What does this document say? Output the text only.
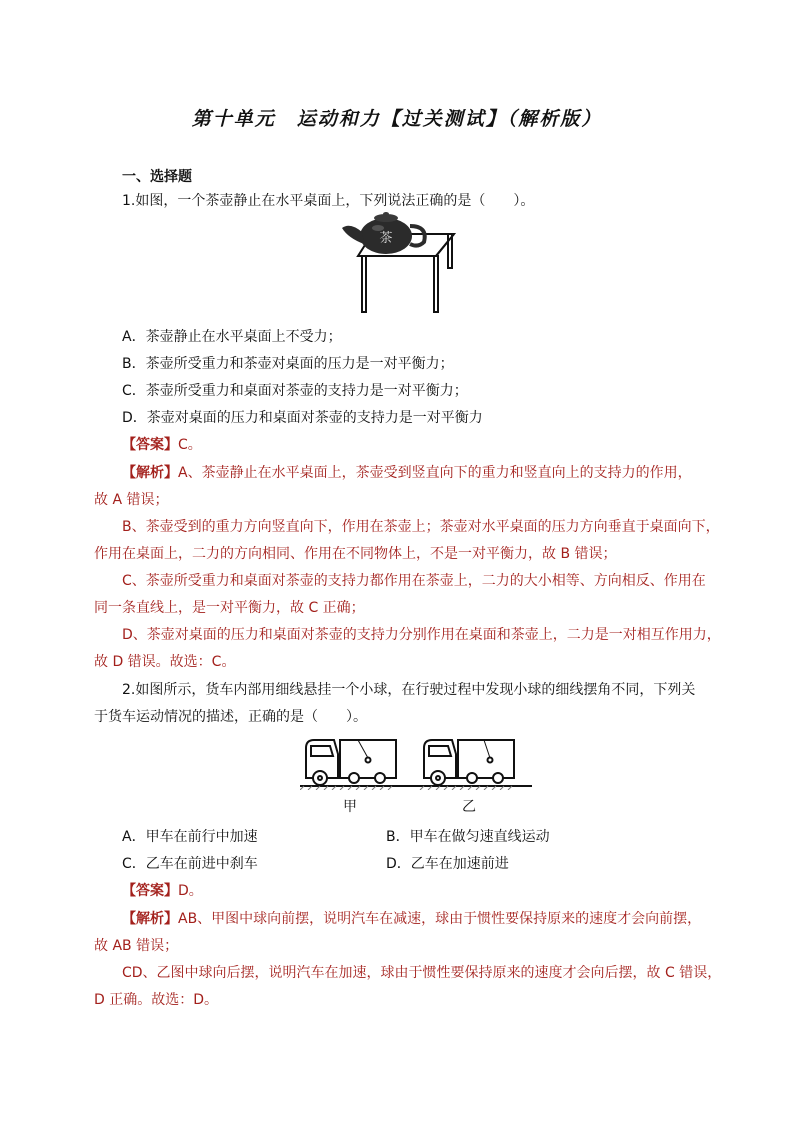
第十单元　运动和力【过关测试】（解析版）
一、选择题
1.如图，一个茶壶静止在水平桌面上，下列说法正确的是（　　）。
茶
A．茶壶静止在水平桌面上不受力；
B．茶壶所受重力和茶壶对桌面的压力是一对平衡力；
C．茶壶所受重力和桌面对茶壶的支持力是一对平衡力；
D．茶壶对桌面的压力和桌面对茶壶的支持力是一对平衡力
【答案】C。
【解析】A、茶壶静止在水平桌面上，茶壶受到竖直向下的重力和竖直向上的支持力的作用，
故 A 错误；
B、茶壶受到的重力方向竖直向下，作用在茶壶上；茶壶对水平桌面的压力方向垂直于桌面向下，
作用在桌面上，二力的方向相同、作用在不同物体上，不是一对平衡力，故 B 错误；
C、茶壶所受重力和桌面对茶壶的支持力都作用在茶壶上，二力的大小相等、方向相反、作用在
同一条直线上，是一对平衡力，故 C 正确；
D、茶壶对桌面的压力和桌面对茶壶的支持力分别作用在桌面和茶壶上，二力是一对相互作用力，
故 D 错误。故选：C。
2.如图所示，货车内部用细线悬挂一个小球，在行驶过程中发现小球的细线摆角不同，下列关
于货车运动情况的描述，正确的是（　　）。
甲	乙
A．甲车在前行中加速	B．甲车在做匀速直线运动
C．乙车在前进中刹车	D．乙车在加速前进
【答案】D。
【解析】AB、甲图中球向前摆，说明汽车在减速，球由于惯性要保持原来的速度才会向前摆，
故 AB 错误；
CD、乙图中球向后摆，说明汽车在加速，球由于惯性要保持原来的速度才会向后摆，故 C 错误，
D 正确。故选：D。
